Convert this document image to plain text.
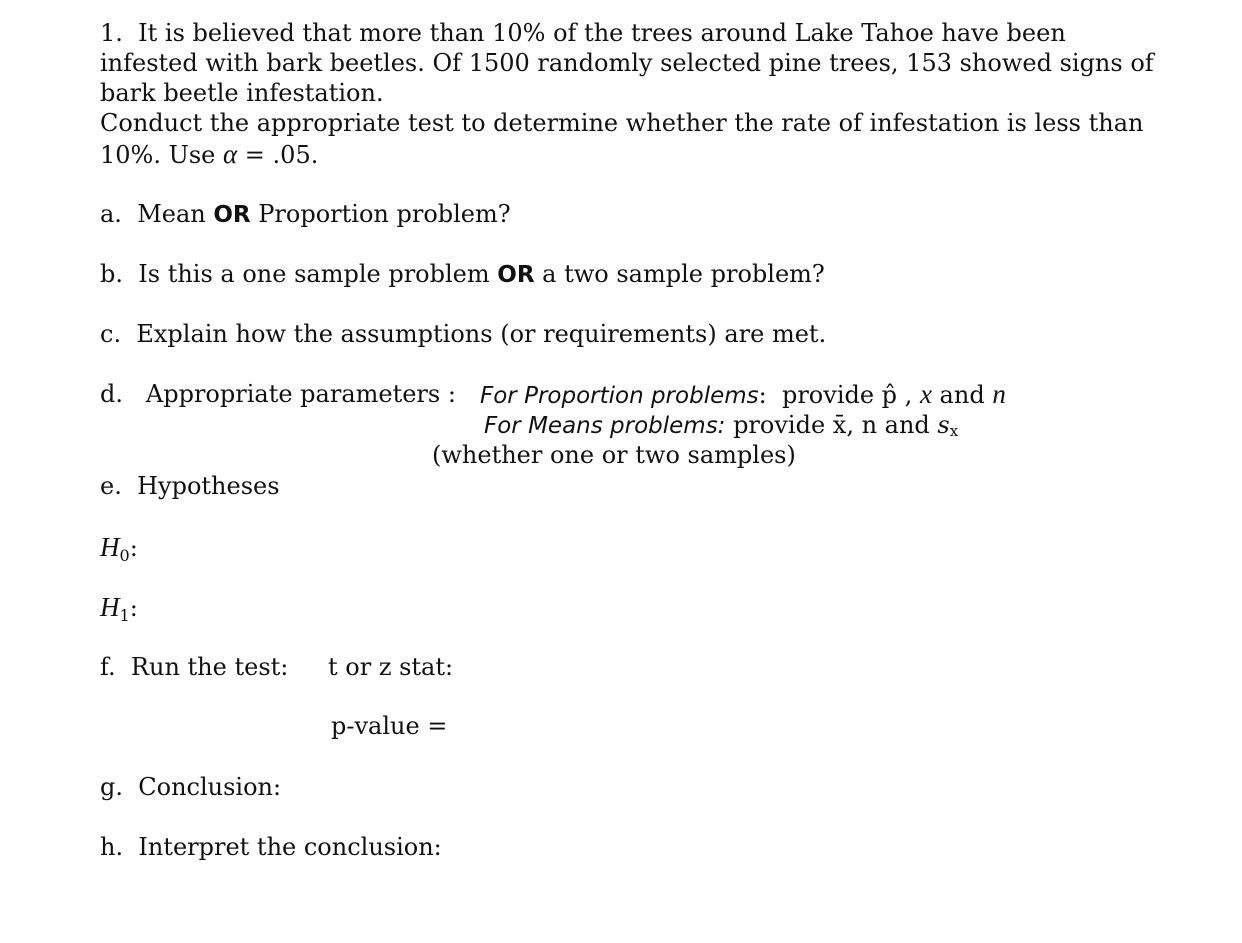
1. It is believed that more than 10% of the trees around Lake Tahoe have been
infested with bark beetles. Of 1500 randomly selected pine trees, 153 showed signs of
bark beetle infestation.
Conduct the appropriate test to determine whether the rate of infestation is less than
10%. Use α = .05.
a. Mean OR Proportion problem?
b. Is this a one sample problem OR a two sample problem?
c. Explain how the assumptions (or requirements) are met.
d. Appropriate parameters : For Proportion problems:  provide p̂ , x and n
For Means problems: provide x̄, n and sx
(whether one or two samples)
e. Hypotheses
$H_0$:
$H_1$:
f. Run the test: t or z stat:
p-value =
g. Conclusion:
h. Interpret the conclusion:
